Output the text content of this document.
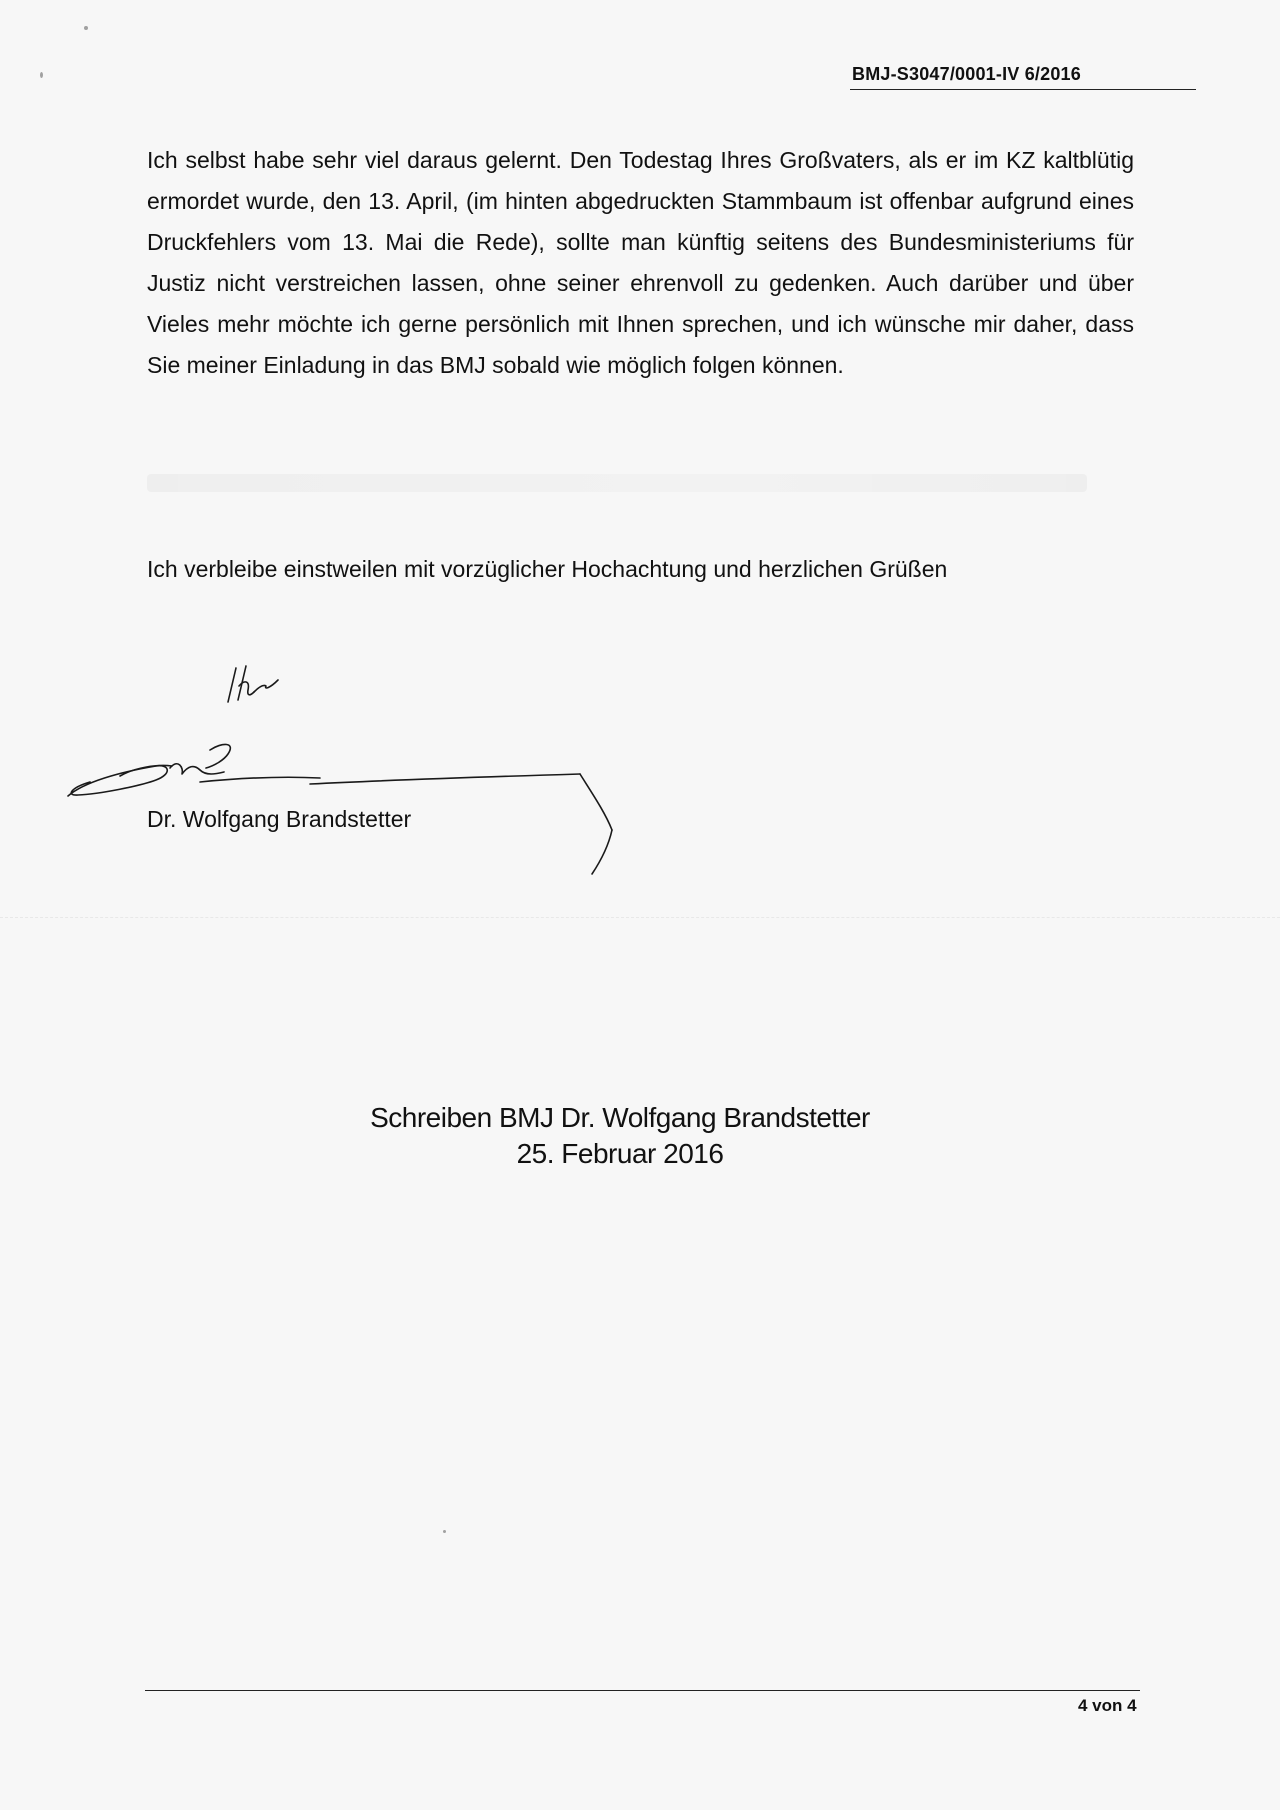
BMJ-S3047/0001-IV 6/2016

Ich selbst habe sehr viel daraus gelernt. Den Todestag Ihres Großvaters, als er im KZ kaltblütig ermordet wurde, den 13. April, (im hinten abgedruckten Stammbaum ist offenbar aufgrund eines Druckfehlers vom 13. Mai die Rede), sollte man künftig seitens des Bundesministeriums für Justiz nicht verstreichen lassen, ohne seiner ehrenvoll zu gedenken. Auch darüber und über Vieles mehr möchte ich gerne persönlich mit Ihnen sprechen, und ich wünsche mir daher, dass Sie meiner Einladung in das BMJ sobald wie möglich folgen können.

Ich verbleibe einstweilen mit vorzüglicher Hochachtung und herzlichen Grüßen

Dr. Wolfgang Brandstetter

Schreiben BMJ Dr. Wolfgang Brandstetter
25. Februar 2016
4 von 4
